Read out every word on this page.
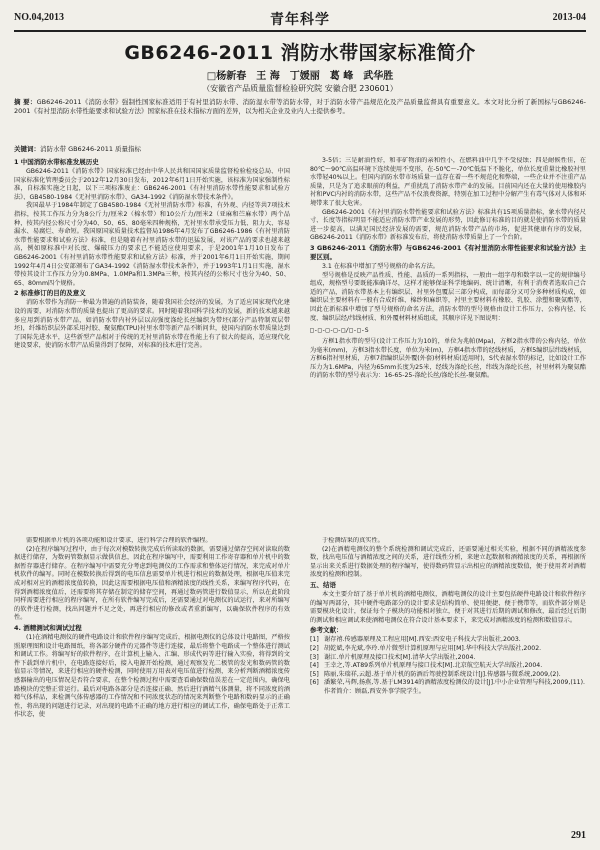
NO.04,2013	青年科学	2013-04
GB6246-2011 消防水带国家标准简介
□杨新春　王 海　丁媛丽　葛 峰　武华胜
（安徽省产品质量监督检验研究院 安徽合肥 230601）
摘 要：GB6246-2011《消防水带》强制性国家标准适用于有衬里消防水带、消防湿水带等消防水带，对于消防水带产品规范化及产品质量监督具有重要意义。本文对比分析了新国标与GB6246-2001《有衬里消防水带性能要求和试验方法》国家标准在技术指标方面的差异，以为相关企业及业内人士提供参考。
关键词：消防水带 GB6246-2011 质量指标
1 中国消防水带标准发展历史

GB6246-2011《消防水带》国家标准已经由中华人民共和国国家质量监督检验检疫总局、中国国家标准化管理委员会于2012年12月30日发布，2012年6月1日开始实施，该标准为国家强制性标准，自标准实施之日起，以下三项标准废止：GB6246-2001《有衬里消防水带性能要求和试验方法》、GB4580-1984《无衬里消防水带》、GA34-1992《消防湿水带技术条件》。

我国最早于1984年制定了GB4580-1984《无衬里消防水带》标准，有外观、内径等共7项技术指标，按其工作压力分为8公斤力/厘米2（棉水带）和10公斤力/厘米2（亚麻和苎麻水带）两个品种，按其内径公称尺寸分为40、50、65、80毫米四种规格，无衬里水带承受压力低、阻力大、容易漏水、易腐烂、寿命短。我国原国家质量技术监督局1986年4月发布了GB6246-1986《有衬里消防水带性能要求和试验方法》标准，但是随着有衬里消防水带的迅猛发展，对该产品的要求也越来越高，例如原标准中对长度、爆破压力的要求已不能适应使用要求，于是2001年1月10日发布了GB6246-2001《有衬里消防水带性能要求和试验方法》标准，并于2001年6月1日开始实施，期间1992年4月4日公安部颁布了GA34-1992《消防湿水带技术条件》，并于1993年1月1日实施，湿水带按其设计工作压力分为0.8MPa、1.0MPa和1.3MPa三种，按其内径的公称尺寸也分为40、50、65、80mm四个规格。

2 标准修订的目的及意义

消防水带作为消防一种最为普遍的消防装备，随着我国社会经济的发展，为了适应国家现代化建设的需要，对消防水带的质量也提出了更高的要求。同时随着我国科学技术的发展，新的技术越来越多应用到消防水带产品，如消防水带内衬外层以高强度涤纶长丝编织为带坯(部分产品特制双层带坯)，纤维纺织层外部采用衬胶、聚氨酯(TPU)衬里水带等新产品不断问世，使国内消防水带质量达到了国际先进水平，这些新型产品相对于传统的无衬里消防水带在性能上有了很大的提高，适应现代化建设要求，使消防水带产品质量得到了保障，对标准的技术进行完善。

3-5倍；三是耐油性好，和非矿物油的亲和性小，在燃料油中几乎不受侵蚀；四是耐候性佳，在80℃～90℃高温环境下连续使用不变形，在-50℃～-70℃低温下不脆化，单位长度重量比橡胶衬里水带轻40%以上。但国内消防水带市场质量一直存在着一些不规范化和弊端，一些企业并不注重产品质量，只是为了追求眼前的利益，严重扰乱了消防水带产业的发展。目前国内还在大量的使用橡胶内衬和PVC内衬的消防水带，这些产品不仅浪费资源，特别在加工过程中分解产生有毒气体对人体和环境带来了很大危害。

GB6246-2001《有衬里消防水带性能要求和试验方法》标准共有15项质量指标，象水带内径尺寸、长度等指标明显不能适应消防水带产业发展的形势，因此修订标准的目的就是使消防水带的质量进一步提高，以满足国民经济发展的需要，规范消防水带产品的市场，促进其健康有序的发展，GB6246-2011《消防水带》新标准发布后，将使消防水带质量上了一个台阶。

3 GB6246-2011《消防水带》与GB6246-2001《有衬里消防水带性能要求和试验方法》主要区别。

3.1 在标准中增加了型号规格的命名方法。

型号规格是反映产品性质、性能、品质的一系列指标，一般由一组字母和数字以一定的规律编号组成，规格型号要既能准确详尽，这样才能够保证科学地编码、统计清晰，有利于消费者选取自己合适的产品，消防水带基本上有编织层、衬里外包覆层三部分构成，而每部分又可分多种材质构成，如编织层主要材料有一般有合成纤维、棉纱和麻织等，衬里主要材料有橡胶、乳胶、涂塑和聚氨酯等，因此在新标准中增加了型号规格的命名方法，消防水带的型号规格由设计工作压力、公称内径、长度、编织层经/纬线材质、和外覆材料材质组成，其顺序详见下图说明：

□-□-□-□-□/□-□-S

方框1指水带的型号(设计工作压力为10的，单位为兆帕(Mpa)，方框2指水带的公称内径，单位为毫米(mm)，方框3指水带长度，单位为米(m)，方框4指水带的经线材质，方框5编织层纬线材质，方框6指衬里材质，方框7指编织层外覆(外套)材料材质(适用时)，S代表湿水带的标记，比如设计工作压力为1.6MPa，内径为65mm长度为25米，经线为涤纶长丝，纬线为涤纶长丝，衬里材料为聚氨酯的消防水带的型号表示为：16-65-25-涤纶长丝/涤纶长丝-聚氨酯。

需要根据单片机的各项功能和设计要求，进行科学合理的软件编程。

(2)在程序编写过程中，由于每次对模数转换完成后所读取的数据，需要通过储存空间对读取的数据进行储存，为数码管数据显示做供信息，因此在程序编写中，需要利用工作寄存器和单片机中的数据暂存器进行储存。在程序编写中需要充分考虑到电测仪的工作需求和整体运行情况，来完成对单片机软件的编写。同时在模数转换后得到的电压信息需要单片机进行相应的数据处理，根据电压值来完成对相对应的酒精浓度值转换，因此这需要根据电压值和酒精浓度的线性关系，来编写程序代码，在得到酒精浓度值后，还需要将其存储在制定的储存空间，再通过数码管进行数值显示，所以在此阶段同样需要进行相应的程序编写，在所有软件编写完成后，还需要通过对电测仪的试运行，来对所编写的软件进行检测，找出问题并不足之处，再进行相应的修改或者重新编写，以确保软件程序的有效性。

4. 酒精测试和调试过程

(1)在酒精电测仪的硬件电路设计和软件程序编写完成后，根据电测仪的总体设计电路图，严格按照原理图和设计电路图纸，将各部分硬件的元器件等进行连接，最后将整个电路成一个整体进行测试和调试工作。将编写好的软件程序，在计算机上输入、汇编、形成代码等进行输入实验，将得到的文件下载到单片机中，在电路连接好后，接入电源开始检测，通过观察发光二极管的发光和数码管的数值显示等情况，来进行相应的硬件检测，同时使用万用表对电压值进行检测，来分析判断酒精浓度传感器输出的电压情况是否符合要求，在整个检测过程中需要查看确保数值误差在一定范围内，确保电路模块的完整正常运行。最后对电路各部分是否连接正确、然后进行酒精气体测量，将不同浓度的酒精气体样品，来检测气体传感器的工作情况和不同浓度状态的情况来判断整个电路和数码显示的正确性，将出现的问题进行记录，对出现的电路不正确的地方进行相应的调试工作，确保电路处于正常工作状态，使

于检测结果的真实性。

(2)在酒精电测仪的整个系统检测和调试完成后，还需要通过相关实验，根据不同的酒精浓度参数，找出电压值与酒精浓度之间的关系，进行线性分析，来建立起数据和酒精浓度的关系，再根据所显示出来关系进行数据处理的程序编写，使得数码管显示出相应的酒精浓度数值，便于使用者对酒精浓度的检测和控制。

五、结语

本文主要介绍了基于单片机的酒精电测仪，酒精电测仪的设计主要包括硬件电路设计和软件程序的编写两部分，其中硬件电路部分的设计要求是结构简单、使用便捷、便于携带等，而软件部分则是需要模块化设计，保证每个子模块的功能相对独立，便于对其进行后期的调试和修改，最后经过后期的测试和相应调试来使酒精电测仪在符合设计基本要求下，来完成对酒精浓度的检测和数值显示。

参考文献：

[1] 谢存禧.传感器原理及工程应用[M].西安:西安电子科技大学出版社,2003.

[2] 胡乾斌,李光斌,李玲.单片微型计算机原理与应用[M].华中科技大学出版社,2002.

[3] 谢江.单片机原理及接口技术[M].清华大学出版社,2004.

[4] 王幸之,等.AT89系列单片机原理与接口技术[M].北京航空航天大学出版社,2004.

[5] 陈丽,朱瑞祥,云超.基于单片机的防酒后驾驶控制系统设计[J].传感器与微系统,2009,(2).

[6] 潘繁荣,马辉,扬燕,等.基于LM3914的酒精浓度检测仪的设计[J].中小企业管理与科技,2009,(11).

作者简介：顾磊,西安外事学院学生。

291
